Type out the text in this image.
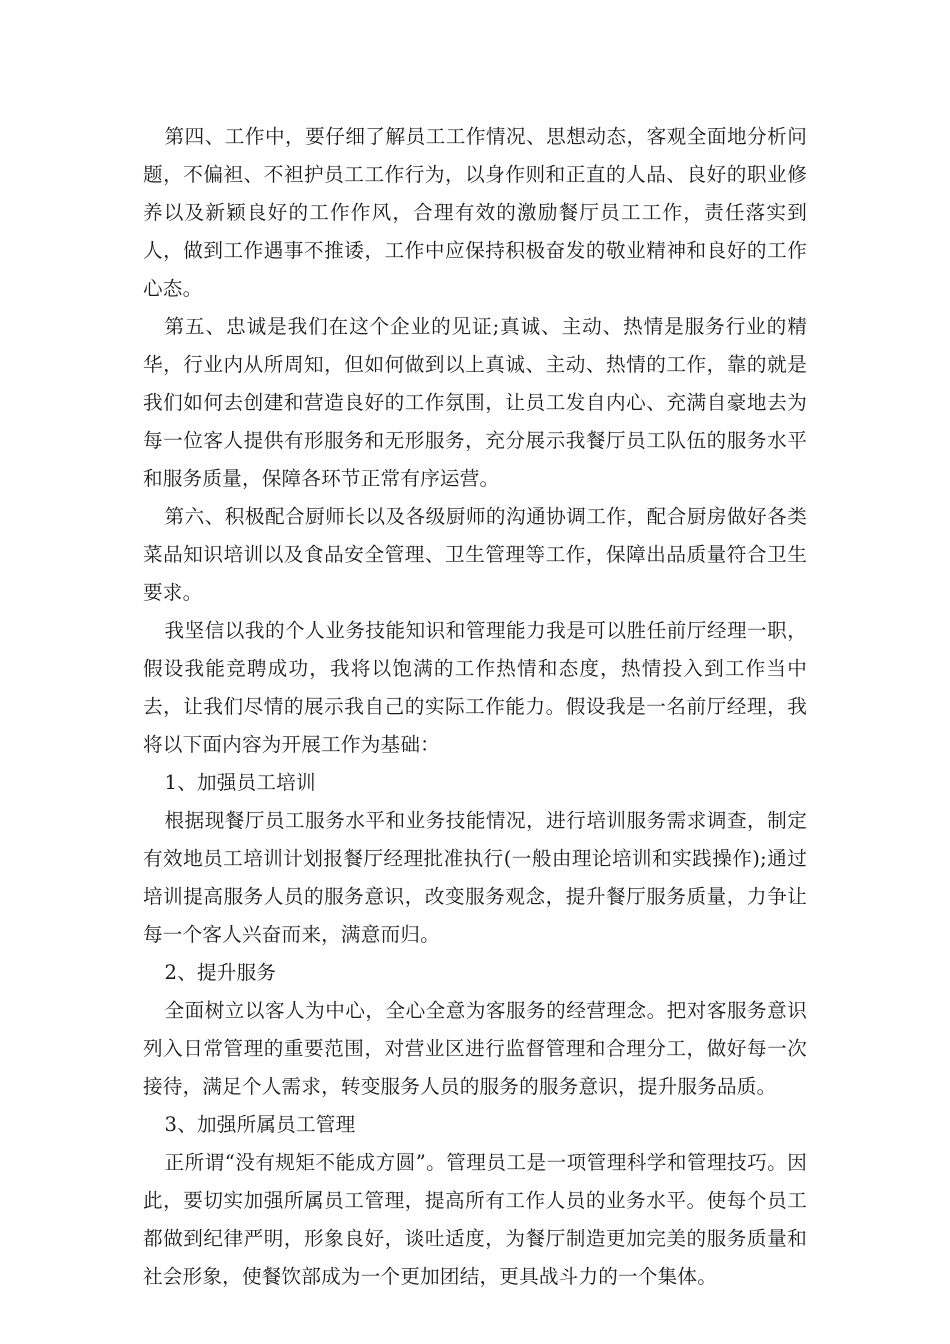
第四、工作中，要仔细了解员工工作情况、思想动态，客观全面地分析问题，不偏袒、不袒护员工工作行为，以身作则和正直的人品、良好的职业修养以及新颖良好的工作作风，合理有效的激励餐厅员工工作，责任落实到人，做到工作遇事不推诿，工作中应保持积极奋发的敬业精神和良好的工作心态。

第五、忠诚是我们在这个企业的见证;真诚、主动、热情是服务行业的精华，行业内从所周知，但如何做到以上真诚、主动、热情的工作，靠的就是我们如何去创建和营造良好的工作氛围，让员工发自内心、充满自豪地去为每一位客人提供有形服务和无形服务，充分展示我餐厅员工队伍的服务水平和服务质量，保障各环节正常有序运营。

第六、积极配合厨师长以及各级厨师的沟通协调工作，配合厨房做好各类菜品知识培训以及食品安全管理、卫生管理等工作，保障出品质量符合卫生要求。

我坚信以我的个人业务技能知识和管理能力我是可以胜任前厅经理一职，假设我能竞聘成功，我将以饱满的工作热情和态度，热情投入到工作当中去，让我们尽情的展示我自己的实际工作能力。假设我是一名前厅经理，我将以下面内容为开展工作为基础：

1、加强员工培训

根据现餐厅员工服务水平和业务技能情况，进行培训服务需求调查，制定有效地员工培训计划报餐厅经理批准执行(一般由理论培训和实践操作);通过培训提高服务人员的服务意识，改变服务观念，提升餐厅服务质量，力争让每一个客人兴奋而来，满意而归。

2、提升服务

全面树立以客人为中心，全心全意为客服务的经营理念。把对客服务意识列入日常管理的重要范围，对营业区进行监督管理和合理分工，做好每一次接待，满足个人需求，转变服务人员的服务的服务意识，提升服务品质。

3、加强所属员工管理

正所谓“没有规矩不能成方圆”。管理员工是一项管理科学和管理技巧。因此，要切实加强所属员工管理，提高所有工作人员的业务水平。使每个员工都做到纪律严明，形象良好，谈吐适度，为餐厅制造更加完美的服务质量和社会形象，使餐饮部成为一个更加团结，更具战斗力的一个集体。
